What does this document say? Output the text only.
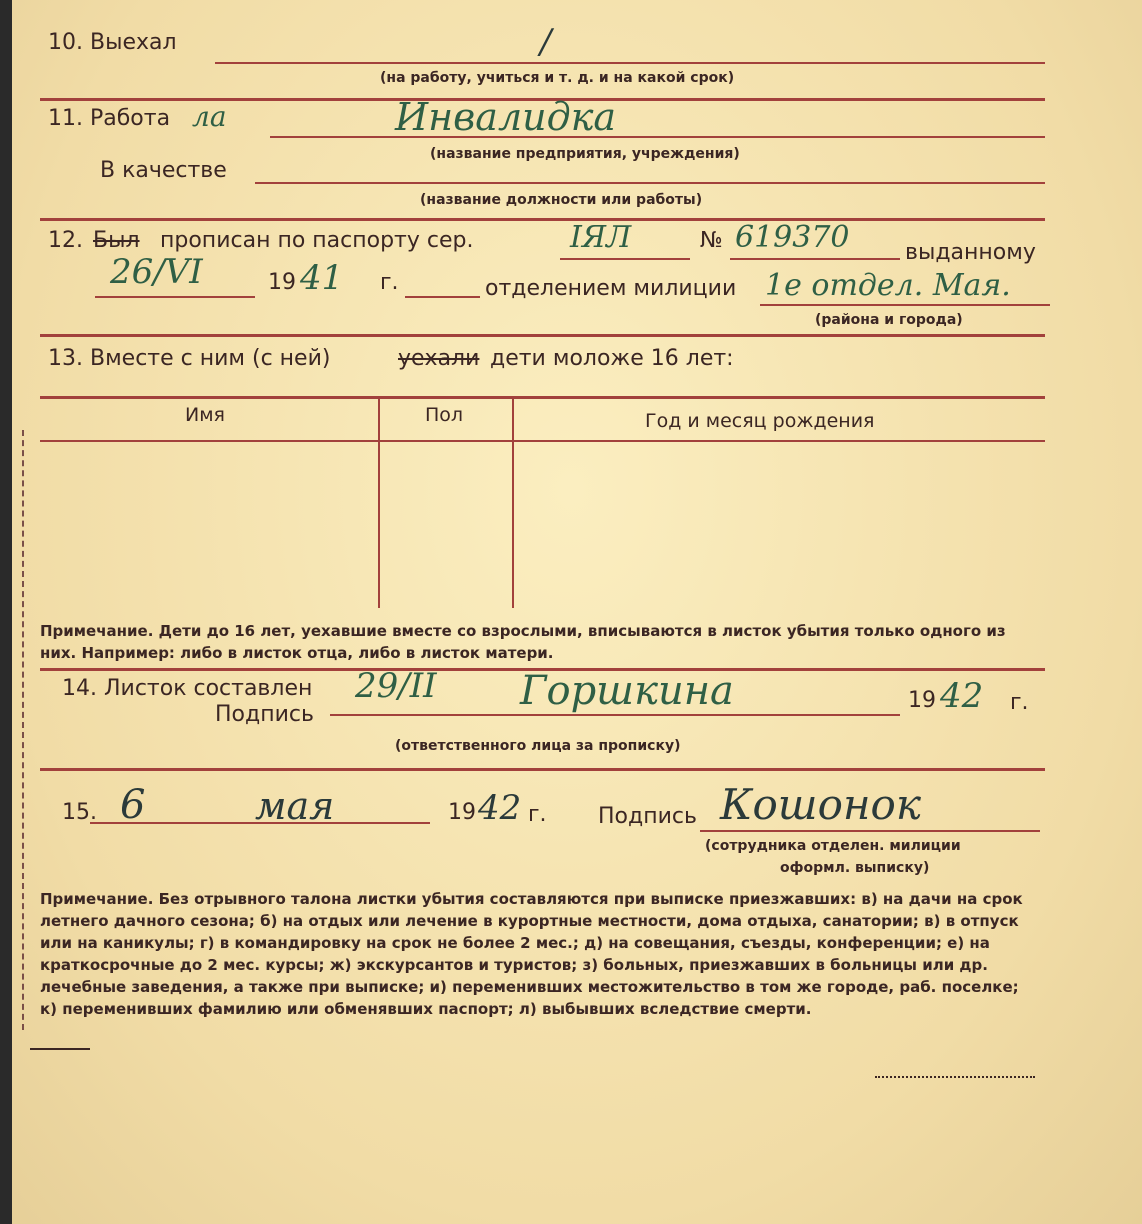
10. Выехал	/
(на работу, учиться и т. д. и на какой срок)
11. Работа ла	Инвалидка
(название предприятия, учреждения)
В качестве
(название должности или работы)
12. Был прописан по паспорту сер.	IЯЛ	№ 619370	выданному
26/VI	19 41 г.	отделением милиции 1е отдел. Мая.
(района и города)
13. Вместе с ним (с ней)	уехали дети моложе 16 лет:
Имя	Пол	Год и месяц рождения
Примечание. Дети до 16 лет, уехавшие вместе со взрослыми, вписываются в листок убытия только одного из них. Например: либо в листок отца, либо в листок матери.
14. Листок составлен
Подпись
29/II Горшкина	19 42 г.
(ответственного лица за прописку)
15. 6	мая	19 42 г. Подпись Кошонок
(сотрудника отделен. милиции
оформл. выписку)
Примечание. Без отрывного талона листки убытия составляются при выписке приезжавших: в) на дачи на срок летнего дачного сезона; б) на отдых или лечение в курортные местности, дома отдыха, санатории; в) в отпуск или на каникулы; г) в командировку на срок не более 2 мес.; д) на совещания, съезды, конференции; е) на краткосрочные до 2 мес. курсы; ж) экскурсантов и туристов; з) больных, приезжавших в больницы или др. лечебные заведения, а также при выписке; и) переменивших местожительство в том же городе, раб. поселке; к) переменивших фамилию или обменявших паспорт; л) выбывших вследствие смерти.
